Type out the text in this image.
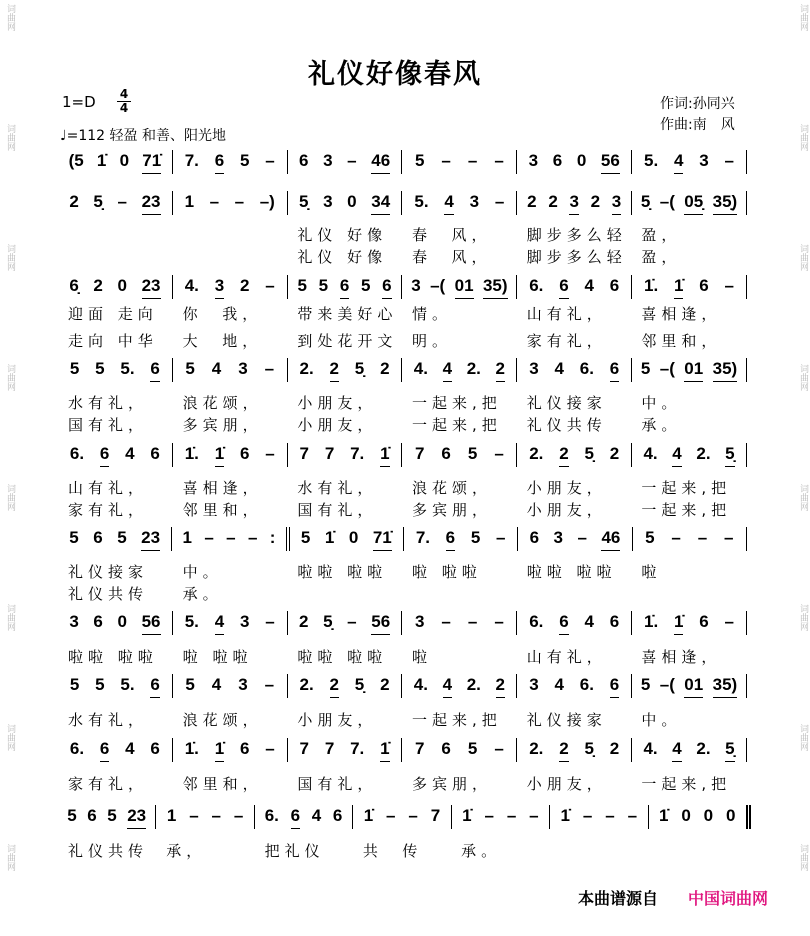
礼仪好像春风
1=D 4
4
♩=112 轻盈 和善、阳光地
作词:孙同兴
作曲:南　风
(5 1̇ 0 71̇ 7. 6 5 – 6 3 – 46 5 – – – 3 6 0 56 5. 4 3 –
2 5̣ – 23 1 – – –) 5̣ 3 0 34 5. 4 3 – 2 2 3 2 3 5̣ –( 05̣ 35̣)
礼仪 好像	春  风，	脚步多么轻 盈，
礼仪 好像	春  风，	脚步多么轻 盈，
6̣ 2 0 23 4. 3 2 – 5 5 6 5 6 3 –( 01 35) 6. 6 4 6 1̇. 1̇ 6 –
迎面 走向	你  我，	带来美好心 情。	山有礼，	喜相逢，
走向 中华	大  地，	到处花开文 明。	家有礼，	邻里和，
5 5 5. 6 5 4 3 – 2. 2 5̣ 2 4. 4 2. 2 3 4 6. 6 5 –( 01 35)
水有礼，	浪花颂，	小朋友，	一起来,把	礼仪接家	中。
国有礼，	多宾朋，	小朋友，	一起来,把	礼仪共传	承。
6. 6 4 6 1̇. 1̇ 6 – 7 7 7. 1̇ 7 6 5 – 2. 2 5̣ 2 4. 4 2. 5̣
山有礼，	喜相逢，	水有礼，	浪花颂，	小朋友，	一起来,把
家有礼，	邻里和，	国有礼，	多宾朋，	小朋友，	一起来,把
5 6 5 23 1 – – – : 5 1̇ 0 71̇ 7. 6 5 – 6 3 – 46 5 – – –
礼仪接家	中。	啦啦 啦啦	啦 啦啦	啦啦 啦啦	啦
礼仪共传	承。
3 6 0 56 5. 4 3 – 2 5̣ – 56 3 – – – 6. 6 4 6 1̇. 1̇ 6 –
啦啦 啦啦	啦 啦啦	啦啦 啦啦	啦	山有礼，	喜相逢，
5 5 5. 6 5 4 3 – 2. 2 5̣ 2 4. 4 2. 2 3 4 6. 6 5 –( 01 35)
水有礼，	浪花颂，	小朋友，	一起来,把	礼仪接家	中。
6. 6 4 6 1̇. 1̇ 6 – 7 7 7. 1̇ 7 6 5 – 2. 2 5̣ 2 4. 4 2. 5̣
家有礼，	邻里和，	国有礼，	多宾朋，	小朋友，	一起来,把
5 6 5 23 1 – – – 6. 6 4 6 1̇ – – 7 1̇ – – – 1̇ – – – 1̇ 0 0 0
礼仪共传	承，	把礼仪	共  传	承。
本曲谱源自 中国词曲网
词曲网
词曲网
词曲网
词曲网
词曲网
词曲网
词曲网
词曲网
词曲网
词曲网
词曲网
词曲网
词曲网
词曲网
词曲网
词曲网
